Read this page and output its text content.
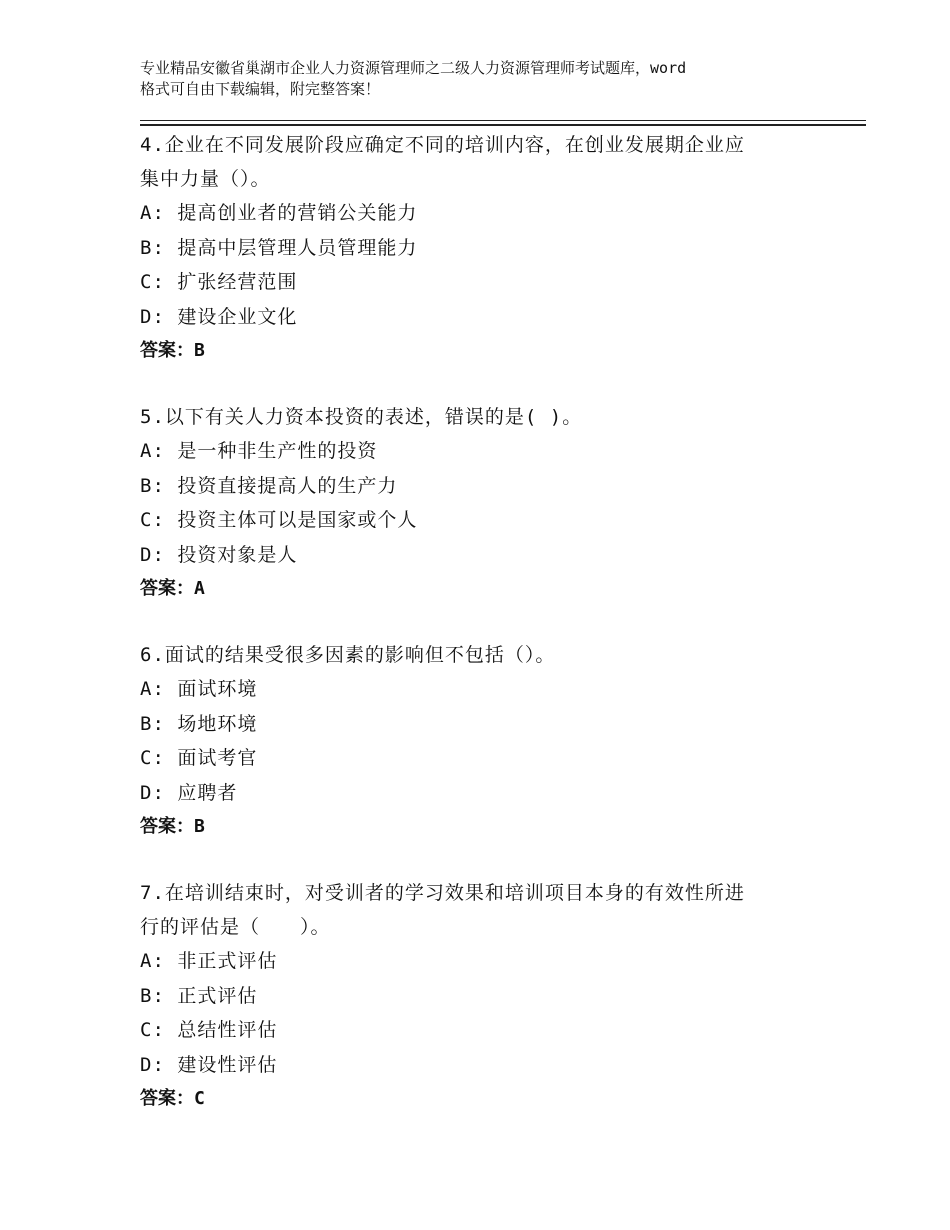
专业精品安徽省巢湖市企业人力资源管理师之二级人力资源管理师考试题库，word
格式可自由下载编辑，附完整答案！

4.企业在不同发展阶段应确定不同的培训内容，在创业发展期企业应

集中力量（）。

A: 提高创业者的营销公关能力

B: 提高中层管理人员管理能力

C: 扩张经营范围

D: 建设企业文化

答案：B

5.以下有关人力资本投资的表述，错误的是( )。

A: 是一种非生产性的投资

B: 投资直接提高人的生产力

C: 投资主体可以是国家或个人

D: 投资对象是人

答案：A

6.面试的结果受很多因素的影响但不包括（）。

A: 面试环境

B: 场地环境

C: 面试考官

D: 应聘者

答案：B

7.在培训结束时，对受训者的学习效果和培训项目本身的有效性所进

行的评估是（　　）。

A: 非正式评估

B: 正式评估

C: 总结性评估

D: 建设性评估

答案：C
